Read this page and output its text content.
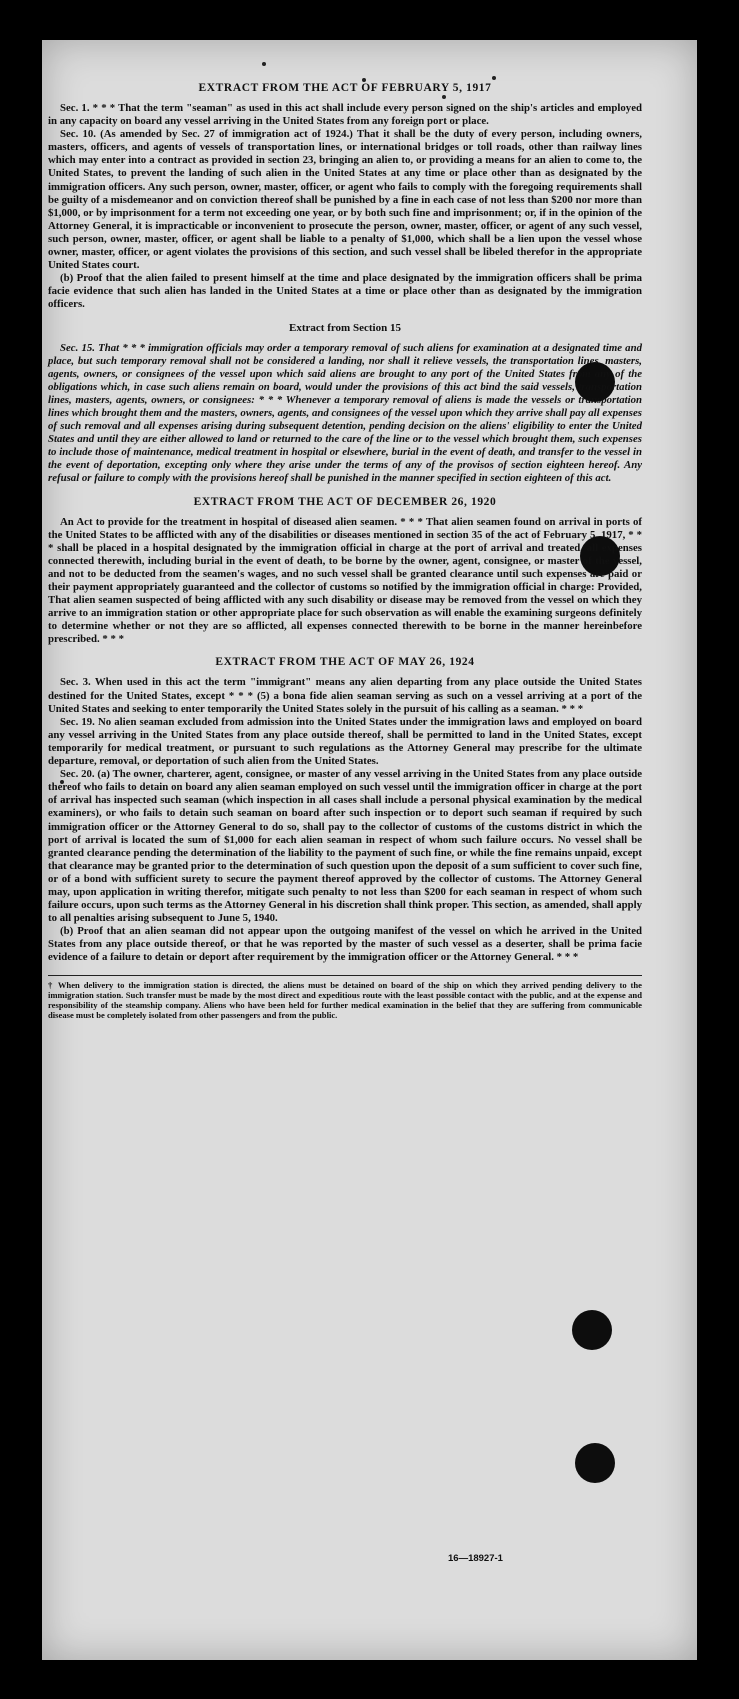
EXTRACT FROM THE ACT OF FEBRUARY 5, 1917

Sec. 1. * * * That the term "seaman" as used in this act shall include every person signed on the ship's articles and employed in any capacity on board any vessel arriving in the United States from any foreign port or place.

Sec. 10. (As amended by Sec. 27 of immigration act of 1924.) That it shall be the duty of every person, including owners, masters, officers, and agents of vessels of transportation lines, or international bridges or toll roads, other than railway lines which may enter into a contract as provided in section 23, bringing an alien to, or providing a means for an alien to come to, the United States, to prevent the landing of such alien in the United States at any time or place other than as designated by the immigration officers. Any such person, owner, master, officer, or agent who fails to comply with the foregoing requirements shall be guilty of a misdemeanor and on conviction thereof shall be punished by a fine in each case of not less than $200 nor more than $1,000, or by imprisonment for a term not exceeding one year, or by both such fine and imprisonment; or, if in the opinion of the Attorney General, it is impracticable or inconvenient to prosecute the person, owner, master, officer, or agent of any such vessel, such person, owner, master, officer, or agent shall be liable to a penalty of $1,000, which shall be a lien upon the vessel whose owner, master, officer, or agent violates the provisions of this section, and such vessel shall be libeled therefor in the appropriate United States court.

(b) Proof that the alien failed to present himself at the time and place designated by the immigration officers shall be prima facie evidence that such alien has landed in the United States at a time or place other than as designated by the immigration officers.

Extract from Section 15

Sec. 15. That * * * immigration officials may order a temporary removal of such aliens for examination at a designated time and place, but such temporary removal shall not be considered a landing, nor shall it relieve vessels, the transportation lines, masters, agents, owners, or consignees of the vessel upon which said aliens are brought to any port of the United States from any of the obligations which, in case such aliens remain on board, would under the provisions of this act bind the said vessels, transportation lines, masters, agents, owners, or consignees: * * * Whenever a temporary removal of aliens is made the vessels or transportation lines which brought them and the masters, owners, agents, and consignees of the vessel upon which they arrive shall pay all expenses of such removal and all expenses arising during subsequent detention, pending decision on the aliens' eligibility to enter the United States and until they are either allowed to land or returned to the care of the line or to the vessel which brought them, such expenses to include those of maintenance, medical treatment in hospital or elsewhere, burial in the event of death, and transfer to the vessel in the event of deportation, excepting only where they arise under the terms of any of the provisos of section eighteen hereof. Any refusal or failure to comply with the provisions hereof shall be punished in the manner specified in section eighteen of this act.

EXTRACT FROM THE ACT OF DECEMBER 26, 1920

An Act to provide for the treatment in hospital of diseased alien seamen. * * * That alien seamen found on arrival in ports of the United States to be afflicted with any of the disabilities or diseases mentioned in section 35 of the act of February 5, 1917, * * * shall be placed in a hospital designated by the immigration official in charge at the port of arrival and treated, all expenses connected therewith, including burial in the event of death, to be borne by the owner, agent, consignee, or master of the vessel, and not to be deducted from the seamen's wages, and no such vessel shall be granted clearance until such expenses are paid or their payment appropriately guaranteed and the collector of customs so notified by the immigration official in charge: Provided, That alien seamen suspected of being afflicted with any such disability or disease may be removed from the vessel on which they arrive to an immigration station or other appropriate place for such observation as will enable the examining surgeons definitely to determine whether or not they are so afflicted, all expenses connected therewith to be borne in the manner hereinbefore prescribed. * * *

EXTRACT FROM THE ACT OF MAY 26, 1924

Sec. 3. When used in this act the term "immigrant" means any alien departing from any place outside the United States destined for the United States, except * * * (5) a bona fide alien seaman serving as such on a vessel arriving at a port of the United States and seeking to enter temporarily the United States solely in the pursuit of his calling as a seaman. * * *

Sec. 19. No alien seaman excluded from admission into the United States under the immigration laws and employed on board any vessel arriving in the United States from any place outside thereof, shall be permitted to land in the United States, except temporarily for medical treatment, or pursuant to such regulations as the Attorney General may prescribe for the ultimate departure, removal, or deportation of such alien from the United States.

Sec. 20. (a) The owner, charterer, agent, consignee, or master of any vessel arriving in the United States from any place outside thereof who fails to detain on board any alien seaman employed on such vessel until the immigration officer in charge at the port of arrival has inspected such seaman (which inspection in all cases shall include a personal physical examination by the medical examiners), or who fails to detain such seaman on board after such inspection or to deport such seaman if required by such immigration officer or the Attorney General to do so, shall pay to the collector of customs of the customs district in which the port of arrival is located the sum of $1,000 for each alien seaman in respect of whom such failure occurs. No vessel shall be granted clearance pending the determination of the liability to the payment of such fine, or while the fine remains unpaid, except that clearance may be granted prior to the determination of such question upon the deposit of a sum sufficient to cover such fine, or of a bond with sufficient surety to secure the payment thereof approved by the collector of customs. The Attorney General may, upon application in writing therefor, mitigate such penalty to not less than $200 for each seaman in respect of whom such failure occurs, upon such terms as the Attorney General in his discretion shall think proper. This section, as amended, shall apply to all penalties arising subsequent to June 5, 1940.

(b) Proof that an alien seaman did not appear upon the outgoing manifest of the vessel on which he arrived in the United States from any place outside thereof, or that he was reported by the master of such vessel as a deserter, shall be prima facie evidence of a failure to detain or deport after requirement by the immigration officer or the Attorney General. * * *

† When delivery to the immigration station is directed, the aliens must be detained on board of the ship on which they arrived pending delivery to the immigration station. Such transfer must be made by the most direct and expeditious route with the least possible contact with the public, and at the expense and responsibility of the steamship company. Aliens who have been held for further medical examination in the belief that they are suffering from communicable disease must be completely isolated from other passengers and from the public.

16—18927-1
